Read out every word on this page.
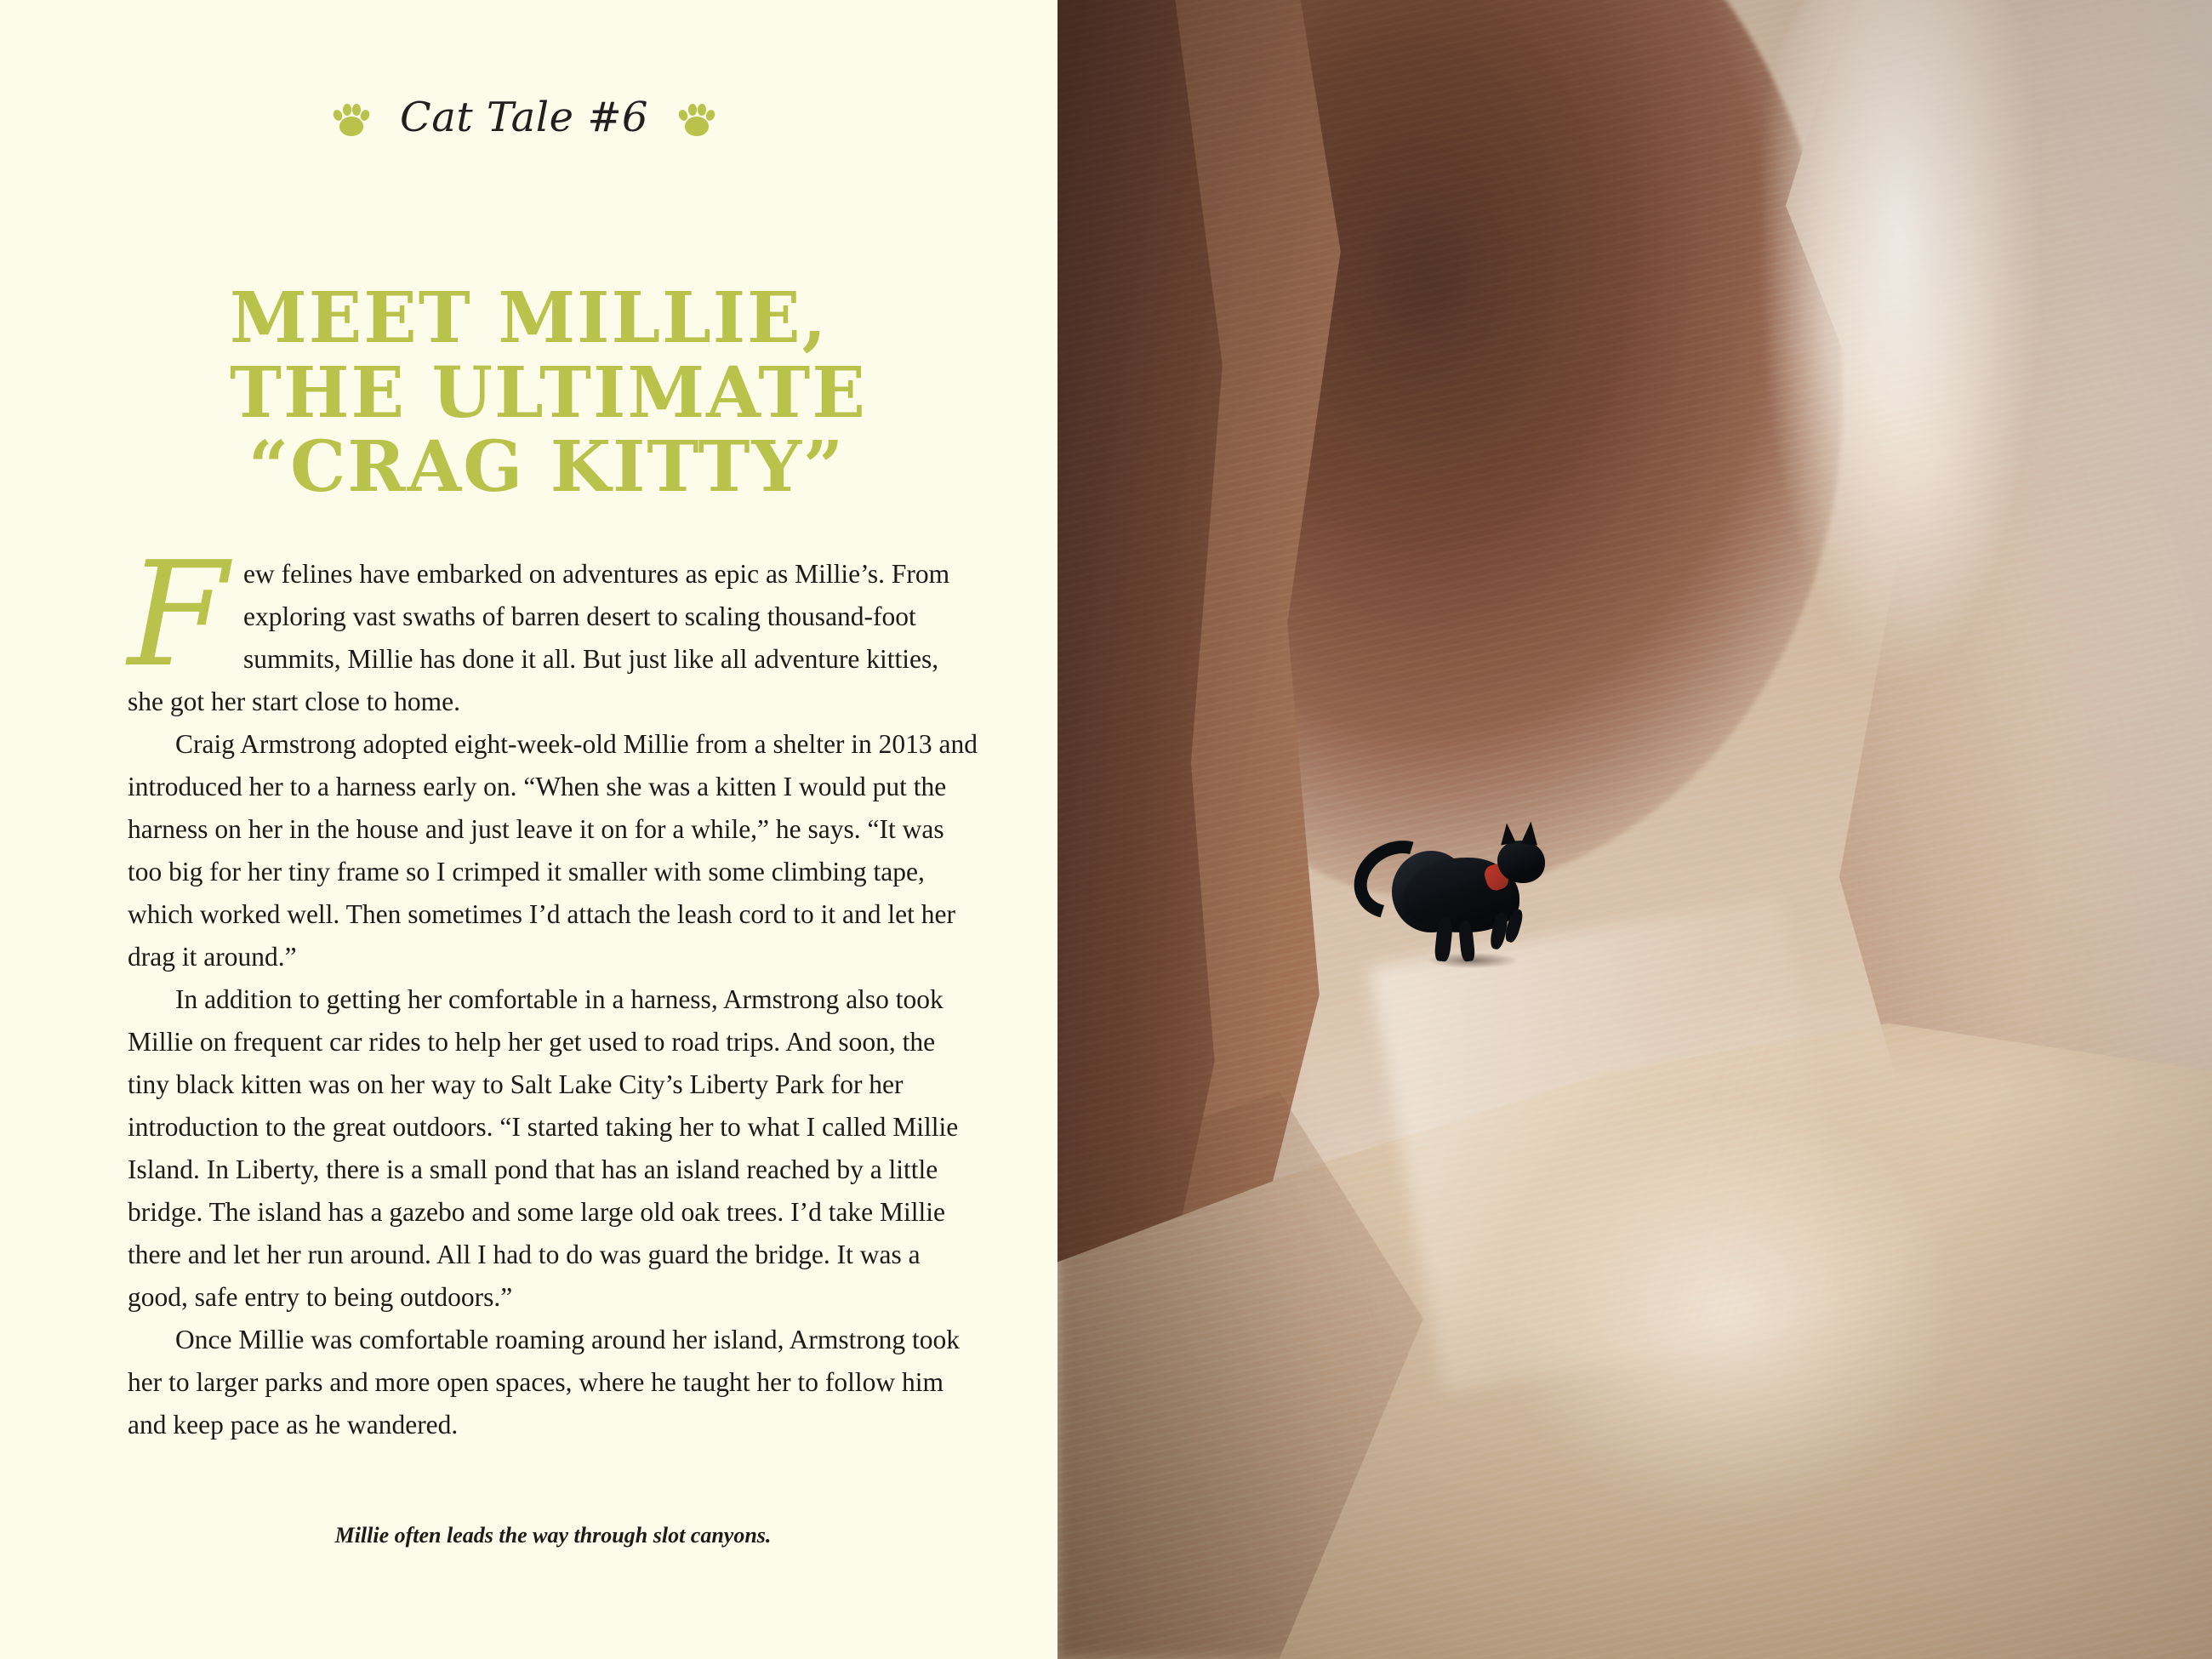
Cat Tale #6
MEET MILLIE,
THE ULTIMATE
“CRAG KITTY”

F ew felines have embarked on adventures as epic as Millie’s. From exploring vast swaths of barren desert to scaling thousand-foot summits, Millie has done it all. But just like all adventure kitties, she got her start close to home.

Craig Armstrong adopted eight-week-old Millie from a shelter in 2013 and introduced her to a harness early on. “When she was a kitten I would put the harness on her in the house and just leave it on for a while,” he says. “It was too big for her tiny frame so I crimped it smaller with some climbing tape, which worked well. Then sometimes I’d attach the leash cord to it and let her drag it around.”

In addition to getting her comfortable in a harness, Armstrong also took Millie on frequent car rides to help her get used to road trips. And soon, the tiny black kitten was on her way to Salt Lake City’s Liberty Park for her introduction to the great outdoors. “I started taking her to what I called Millie Island. In Liberty, there is a small pond that has an island reached by a little bridge. The island has a gazebo and some large old oak trees. I’d take Millie there and let her run around. All I had to do was guard the bridge. It was a good, safe entry to being outdoors.”

Once Millie was comfortable roaming around her island, Armstrong took her to larger parks and more open spaces, where he taught her to follow him and keep pace as he wandered.

Millie often leads the way through slot canyons.
